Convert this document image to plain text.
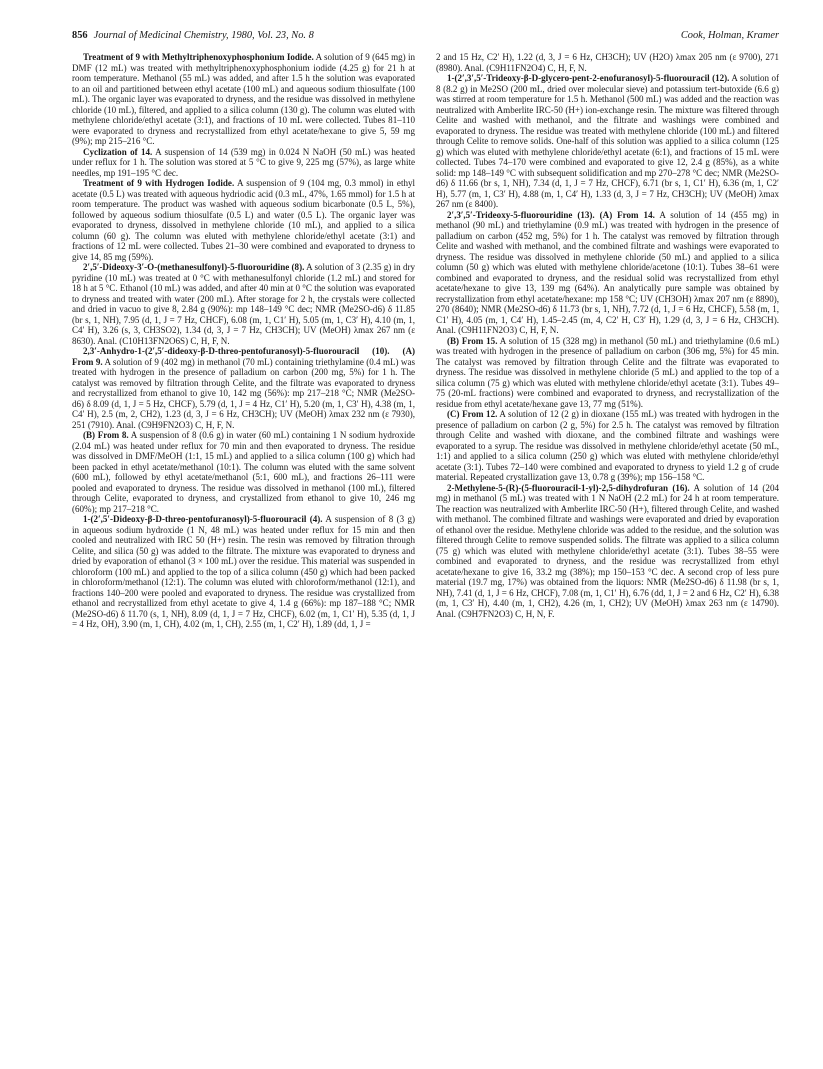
856 Journal of Medicinal Chemistry, 1980, Vol. 23, No. 8	Cook, Holman, Kramer

Treatment of 9 with Methyltriphenoxyphosphonium Iodide. A solution of 9 (645 mg) in DMF (12 mL) was treated with methyltriphenoxyphosphonium iodide (4.25 g) for 21 h at room temperature. Methanol (55 mL) was added, and after 1.5 h the solution was evaporated to an oil and partitioned between ethyl acetate (100 mL) and aqueous sodium thiosulfate (100 mL). The organic layer was evaporated to dryness, and the residue was dissolved in methylene chloride (10 mL), filtered, and applied to a silica column (130 g). The column was eluted with methylene chloride/ethyl acetate (3:1), and fractions of 10 mL were collected. Tubes 81–110 were evaporated to dryness and recrystallized from ethyl acetate/hexane to give 5, 59 mg (9%); mp 215–216 °C.

Cyclization of 14. A suspension of 14 (539 mg) in 0.024 N NaOH (50 mL) was heated under reflux for 1 h. The solution was stored at 5 °C to give 9, 225 mg (57%), as large white needles, mp 191–195 °C dec.

Treatment of 9 with Hydrogen Iodide. A suspension of 9 (104 mg, 0.3 mmol) in ethyl acetate (0.5 L) was treated with aqueous hydriodic acid (0.3 mL, 47%, 1.65 mmol) for 1.5 h at room temperature. The product was washed with aqueous sodium bicarbonate (0.5 L, 5%), followed by aqueous sodium thiosulfate (0.5 L) and water (0.5 L). The organic layer was evaporated to dryness, dissolved in methylene chloride (10 mL), and applied to a silica column (60 g). The column was eluted with methylene chloride/ethyl acetate (3:1) and fractions of 12 mL were collected. Tubes 21–30 were combined and evaporated to dryness to give 14, 85 mg (59%).

2′,5′-Dideoxy-3′-O-(methanesulfonyl)-5-fluorouridine (8). A solution of 3 (2.35 g) in dry pyridine (10 mL) was treated at 0 °C with methanesulfonyl chloride (1.2 mL) and stored for 18 h at 5 °C. Ethanol (10 mL) was added, and after 40 min at 0 °C the solution was evaporated to dryness and treated with water (200 mL). After storage for 2 h, the crystals were collected and dried in vacuo to give 8, 2.84 g (90%): mp 148–149 °C dec; NMR (Me2SO-d6) δ 11.85 (br s, 1, NH), 7.95 (d, 1, J = 7 Hz, CHCF), 6.08 (m, 1, C1′ H), 5.05 (m, 1, C3′ H), 4.10 (m, 1, C4′ H), 3.26 (s, 3, CH3SO2), 1.34 (d, 3, J = 7 Hz, CH3CH); UV (MeOH) λmax 267 nm (ε 8630). Anal. (C10H13FN2O6S) C, H, F, N.

2,3′-Anhydro-1-(2′,5′-dideoxy-β-D-threo-pentofuranosyl)-5-fluorouracil (10). (A) From 9. A solution of 9 (402 mg) in methanol (70 mL) containing triethylamine (0.4 mL) was treated with hydrogen in the presence of palladium on carbon (200 mg, 5%) for 1 h. The catalyst was removed by filtration through Celite, and the filtrate was evaporated to dryness and recrystallized from ethanol to give 10, 142 mg (56%): mp 217–218 °C; NMR (Me2SO-d6) δ 8.09 (d, 1, J = 5 Hz, CHCF), 5.79 (d, 1, J = 4 Hz, C1′ H), 5.20 (m, 1, C3′ H), 4.38 (m, 1, C4′ H), 2.5 (m, 2, CH2), 1.23 (d, 3, J = 6 Hz, CH3CH); UV (MeOH) λmax 232 nm (ε 7930), 251 (7910). Anal. (C9H9FN2O3) C, H, F, N.

(B) From 8. A suspension of 8 (0.6 g) in water (60 mL) containing 1 N sodium hydroxide (2.04 mL) was heated under reflux for 70 min and then evaporated to dryness. The residue was dissolved in DMF/MeOH (1:1, 15 mL) and applied to a silica column (100 g) which had been packed in ethyl acetate/methanol (10:1). The column was eluted with the same solvent (600 mL), followed by ethyl acetate/methanol (5:1, 600 mL), and fractions 26–111 were pooled and evaporated to dryness. The residue was dissolved in methanol (100 mL), filtered through Celite, evaporated to dryness, and crystallized from ethanol to give 10, 246 mg (60%); mp 217–218 °C.

1-(2′,5′-Dideoxy-β-D-threo-pentofuranosyl)-5-fluorouracil (4). A suspension of 8 (3 g) in aqueous sodium hydroxide (1 N, 48 mL) was heated under reflux for 15 min and then cooled and neutralized with IRC 50 (H+) resin. The resin was removed by filtration through Celite, and silica (50 g) was added to the filtrate. The mixture was evaporated to dryness and dried by evaporation of ethanol (3 × 100 mL) over the residue. This material was suspended in chloroform (100 mL) and applied to the top of a silica column (450 g) which had been packed in chloroform/methanol (12:1). The column was eluted with chloroform/methanol (12:1), and fractions 140–200 were pooled and evaporated to dryness. The residue was crystallized from ethanol and recrystallized from ethyl acetate to give 4, 1.4 g (66%): mp 187–188 °C; NMR (Me2SO-d6) δ 11.70 (s, 1, NH), 8.09 (d, 1, J = 7 Hz, CHCF), 6.02 (m, 1, C1′ H), 5.35 (d, 1, J = 4 Hz, OH), 3.90 (m, 1, CH), 4.02 (m, 1, CH), 2.55 (m, 1, C2′ H), 1.89 (dd, 1, J =

2 and 15 Hz, C2′ H), 1.22 (d, 3, J = 6 Hz, CH3CH); UV (H2O) λmax 205 nm (ε 9700), 271 (8980). Anal. (C9H11FN2O4) C, H, F, N.

1-(2′,3′,5′-Trideoxy-β-D-glycero-pent-2-enofuranosyl)-5-fluorouracil (12). A solution of 8 (8.2 g) in Me2SO (200 mL, dried over molecular sieve) and potassium tert-butoxide (6.6 g) was stirred at room temperature for 1.5 h. Methanol (500 mL) was added and the reaction was neutralized with Amberlite IRC-50 (H+) ion-exchange resin. The mixture was filtered through Celite and washed with methanol, and the filtrate and washings were combined and evaporated to dryness. The residue was treated with methylene chloride (100 mL) and filtered through Celite to remove solids. One-half of this solution was applied to a silica column (125 g) which was eluted with methylene chloride/ethyl acetate (6:1), and fractions of 15 mL were collected. Tubes 74–170 were combined and evaporated to give 12, 2.4 g (85%), as a white solid: mp 148–149 °C with subsequent solidification and mp 270–278 °C dec; NMR (Me2SO-d6) δ 11.66 (br s, 1, NH), 7.34 (d, 1, J = 7 Hz, CHCF), 6.71 (br s, 1, C1′ H), 6.36 (m, 1, C2′ H), 5.77 (m, 1, C3′ H), 4.88 (m, 1, C4′ H), 1.33 (d, 3, J = 7 Hz, CH3CH); UV (MeOH) λmax 267 nm (ε 8400).

2′,3′,5′-Trideoxy-5-fluorouridine (13). (A) From 14. A solution of 14 (455 mg) in methanol (90 mL) and triethylamine (0.9 mL) was treated with hydrogen in the presence of palladium on carbon (452 mg, 5%) for 1 h. The catalyst was removed by filtration through Celite and washed with methanol, and the combined filtrate and washings were evaporated to dryness. The residue was dissolved in methylene chloride (50 mL) and applied to a silica column (50 g) which was eluted with methylene chloride/acetone (10:1). Tubes 38–61 were combined and evaporated to dryness, and the residual solid was recrystallized from ethyl acetate/hexane to give 13, 139 mg (64%). An analytically pure sample was obtained by recrystallization from ethyl acetate/hexane: mp 158 °C; UV (CH3OH) λmax 207 nm (ε 8890), 270 (8640); NMR (Me2SO-d6) δ 11.73 (br s, 1, NH), 7.72 (d, 1, J = 6 Hz, CHCF), 5.58 (m, 1, C1′ H), 4.05 (m, 1, C4′ H), 1.45–2.45 (m, 4, C2′ H, C3′ H), 1.29 (d, 3, J = 6 Hz, CH3CH). Anal. (C9H11FN2O3) C, H, F, N.

(B) From 15. A solution of 15 (328 mg) in methanol (50 mL) and triethylamine (0.6 mL) was treated with hydrogen in the presence of palladium on carbon (306 mg, 5%) for 45 min. The catalyst was removed by filtration through Celite and the filtrate was evaporated to dryness. The residue was dissolved in methylene chloride (5 mL) and applied to the top of a silica column (75 g) which was eluted with methylene chloride/ethyl acetate (3:1). Tubes 49–75 (20-mL fractions) were combined and evaporated to dryness, and recrystallization of the residue from ethyl acetate/hexane gave 13, 77 mg (51%).

(C) From 12. A solution of 12 (2 g) in dioxane (155 mL) was treated with hydrogen in the presence of palladium on carbon (2 g, 5%) for 2.5 h. The catalyst was removed by filtration through Celite and washed with dioxane, and the combined filtrate and washings were evaporated to a syrup. The residue was dissolved in methylene chloride/ethyl acetate (50 mL, 1:1) and applied to a silica column (250 g) which was eluted with methylene chloride/ethyl acetate (3:1). Tubes 72–140 were combined and evaporated to dryness to yield 1.2 g of crude material. Repeated crystallization gave 13, 0.78 g (39%); mp 156–158 °C.

2-Methylene-5-(R)-(5-fluorouracil-1-yl)-2,5-dihydrofuran (16). A solution of 14 (204 mg) in methanol (5 mL) was treated with 1 N NaOH (2.2 mL) for 24 h at room temperature. The reaction was neutralized with Amberlite IRC-50 (H+), filtered through Celite, and washed with methanol. The combined filtrate and washings were evaporated and dried by evaporation of ethanol over the residue. Methylene chloride was added to the residue, and the solution was filtered through Celite to remove suspended solids. The filtrate was applied to a silica column (75 g) which was eluted with methylene chloride/ethyl acetate (3:1). Tubes 38–55 were combined and evaporated to dryness, and the residue was recrystallized from ethyl acetate/hexane to give 16, 33.2 mg (38%); mp 150–153 °C dec. A second crop of less pure material (19.7 mg, 17%) was obtained from the liquors: NMR (Me2SO-d6) δ 11.98 (br s, 1, NH), 7.41 (d, 1, J = 6 Hz, CHCF), 7.08 (m, 1, C1′ H), 6.76 (dd, 1, J = 2 and 6 Hz, C2′ H), 6.38 (m, 1, C3′ H), 4.40 (m, 1, CH2), 4.26 (m, 1, CH2); UV (MeOH) λmax 263 nm (ε 14790). Anal. (C9H7FN2O3) C, H, N, F.
